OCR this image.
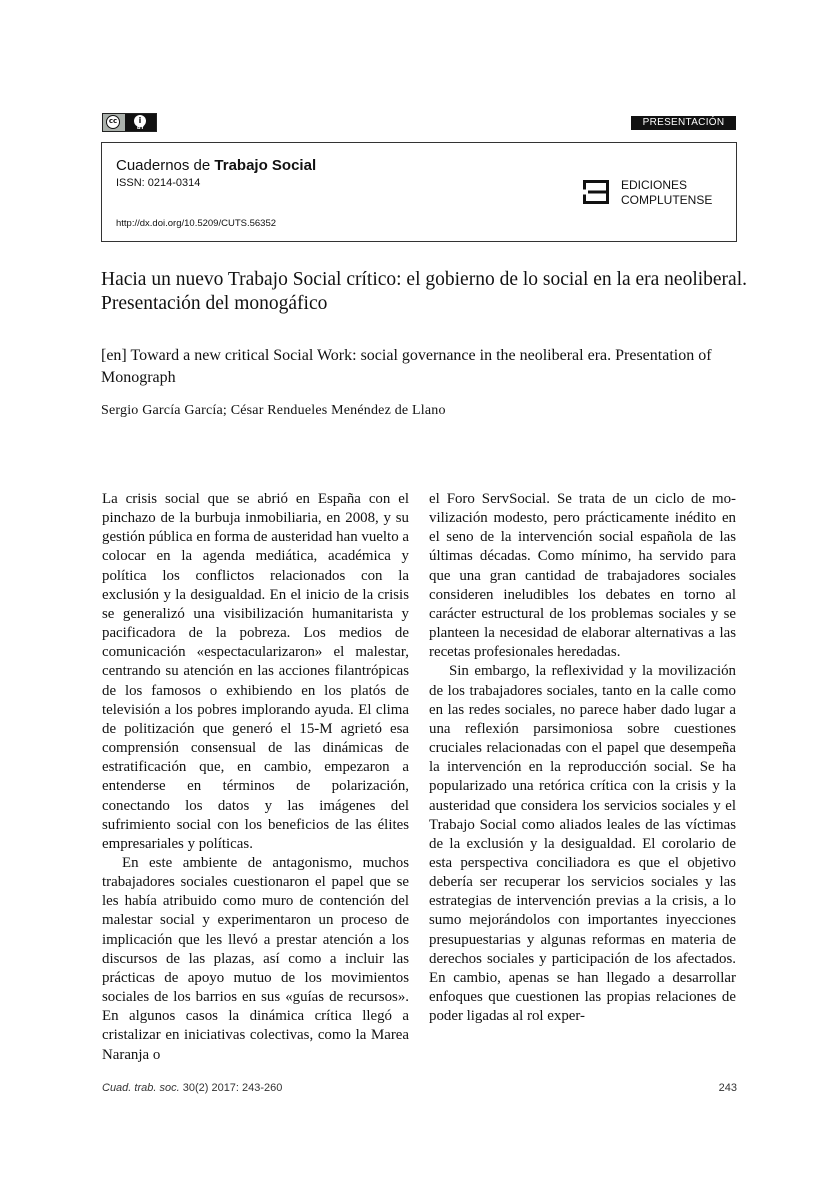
cc	i
BY	PRESENTACIÓN
Cuadernos de Trabajo Social
ISSN: 0214-0314
http://dx.doi.org/10.5209/CUTS.56352
EDICIONES
COMPLUTENSE
Hacia un nuevo Trabajo Social crítico: el gobierno de lo social en la era neoliberal. Presentación del monogáfico
[en] Toward a new critical Social Work: social governance in the neoliberal era. Presentation of Monograph
Sergio García García; César Rendueles Menéndez de Llano

La crisis social que se abrió en España con el pinchazo de la burbuja inmobiliaria, en 2008, y su gestión pública en forma de austeridad han vuelto a colocar en la agenda mediática, académica y política los conflictos relacionados con la exclusión y la desigualdad. En el inicio de la crisis se generalizó una visibilización humanitarista y pacificadora de la pobreza. Los medios de comunicación «espectacularizaron» el malestar, centrando su atención en las acciones filantrópicas de los famosos o exhibiendo en los platós de televisión a los pobres implorando ayuda. El clima de politización que generó el 15-M agrietó esa comprensión consensual de las dinámicas de estratificación que, en cambio, empezaron a entenderse en términos de polarización, conectando los datos y las imágenes del sufrimiento social con los beneficios de las élites empresariales y políticas.

En este ambiente de antagonismo, muchos trabajadores sociales cuestionaron el papel que se les había atribuido como muro de contención del malestar social y experimentaron un proceso de implicación que les llevó a prestar atención a los discursos de las plazas, así como a incluir las prácticas de apoyo mutuo de los movimientos sociales de los barrios en sus «guías de recursos». En algunos casos la dinámica crítica llegó a cristalizar en iniciativas colectivas, como la Marea Naranja o

el Foro ServSocial. Se trata de un ciclo de movilización modesto, pero prácticamente inédito en el seno de la intervención social española de las últimas décadas. Como mínimo, ha servido para que una gran cantidad de trabajadores sociales consideren ineludibles los debates en torno al carácter estructural de los problemas sociales y se planteen la necesidad de elaborar alternativas a las recetas profesionales heredadas.

Sin embargo, la reflexividad y la movilización de los trabajadores sociales, tanto en la calle como en las redes sociales, no parece haber dado lugar a una reflexión parsimoniosa sobre cuestiones cruciales relacionadas con el papel que desempeña la intervención en la reproducción social. Se ha popularizado una retórica crítica con la crisis y la austeridad que considera los servicios sociales y el Trabajo Social como aliados leales de las víctimas de la exclusión y la desigualdad. El corolario de esta perspectiva conciliadora es que el objetivo debería ser recuperar los servicios sociales y las estrategias de intervención previas a la crisis, a lo sumo mejorándolos con importantes inyecciones presupuestarias y algunas reformas en materia de derechos sociales y participación de los afectados. En cambio, apenas se han llegado a desarrollar enfoques que cuestionen las propias relaciones de poder ligadas al rol exper-

Cuad. trab. soc. 30(2) 2017: 243-260	243
